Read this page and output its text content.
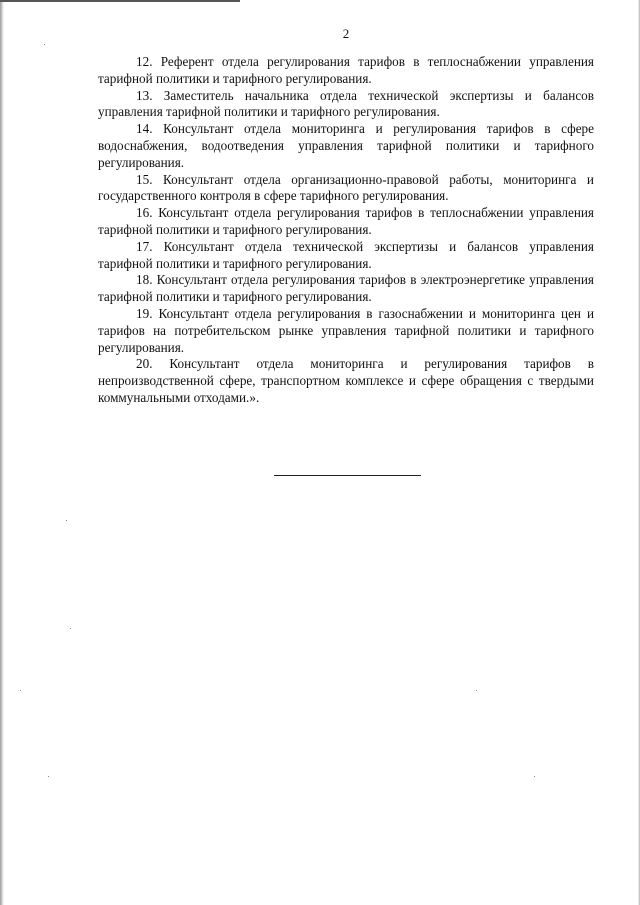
2

12. Референт отдела регулирования тарифов в теплоснабжении управления тарифной политики и тарифного регулирования.

13. Заместитель начальника отдела технической экспертизы и балансов управления тарифной политики и тарифного регулирования.

14. Консультант отдела мониторинга и регулирования тарифов в сфере водоснабжения, водоотведения управления тарифной политики и тарифного регулирования.

15. Консультант отдела организационно-правовой работы, мониторинга и государственного контроля в сфере тарифного регулирования.

16. Консультант отдела регулирования тарифов в теплоснабжении управления тарифной политики и тарифного регулирования.

17. Консультант отдела технической экспертизы и балансов управления тарифной политики и тарифного регулирования.

18. Консультант отдела регулирования тарифов в электроэнергетике управления тарифной политики и тарифного регулирования.

19. Консультант отдела регулирования в газоснабжении и мониторинга цен и тарифов на потребительском рынке управления тарифной политики и тарифного регулирования.

20. Консультант отдела мониторинга и регулирования тарифов в непроизводственной сфере, транспортном комплексе и сфере обращения с твердыми коммунальными отходами.».
